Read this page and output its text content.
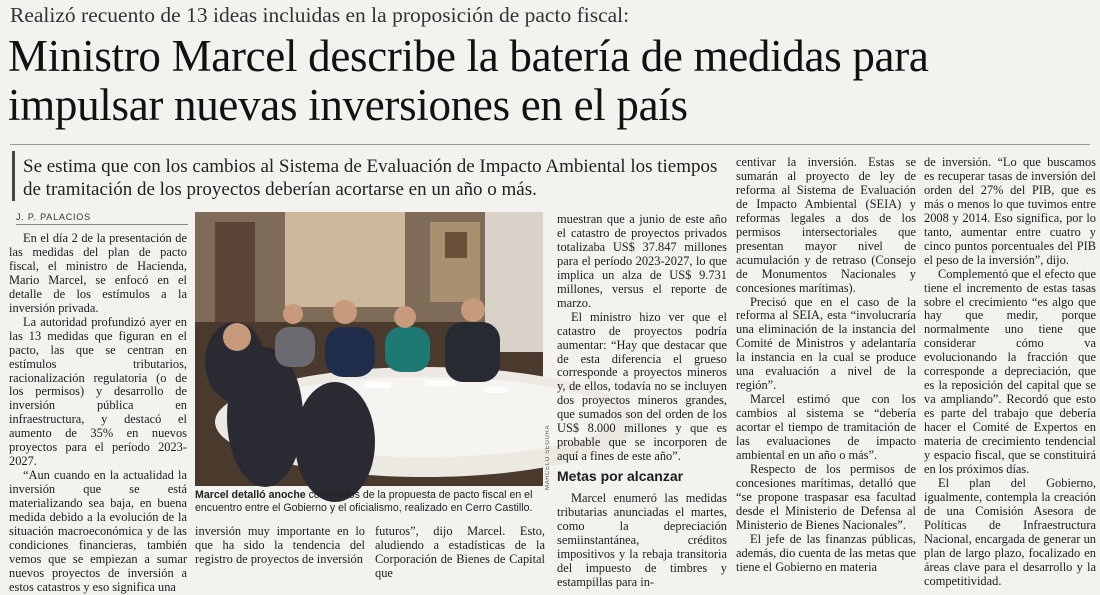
Realizó recuento de 13 ideas incluidas en la proposición de pacto fiscal:
Ministro Marcel describe la batería de medidas para impulsar nuevas inversiones en el país
Se estima que con los cambios al Sistema de Evaluación de Impacto Ambiental los tiempos de tramitación de los proyectos deberían acortarse en un año o más.
J. P. PALACIOS

En el día 2 de la presentación de las medidas del plan de pacto fiscal, el ministro de Hacienda, Mario Marcel, se enfocó en el detalle de los estímulos a la inversión privada.

La autoridad profundizó ayer en las 13 medidas que figuran en el pacto, las que se centran en estímulos tributarios, racionalización regulatoria (o de los permisos) y desarrollo de inversión pública en infraestructura, y destacó el aumento de 35% en nuevos proyectos para el período 2023-2027.

“Aun cuando en la actualidad la inversión que se está materializando sea baja, en buena medida debido a la evolución de la situación macroeconómica y de las condiciones financieras, también vemos que se empiezan a sumar nuevos proyectos de inversión a estos catastros y eso significa una

MARCELO SEGURA
Marcel detalló anoche contenidos de la propuesta de pacto fiscal en el encuentro entre el Gobierno y el oficialismo, realizado en Cerro Castillo.

inversión muy importante en lo que ha sido la tendencia del registro de proyectos de inversión

futuros”, dijo Marcel. Esto, aludiendo a estadísticas de la Corporación de Bienes de Capital que

muestran que a junio de este año el catastro de proyectos privados totalizaba US$ 37.847 millones para el período 2023-2027, lo que implica un alza de US$ 9.731 millones, versus el reporte de marzo.

El ministro hizo ver que el catastro de proyectos podría aumentar: “Hay que destacar que de esta diferencia el grueso corresponde a proyectos mineros y, de ellos, todavía no se incluyen dos proyectos mineros grandes, que sumados son del orden de los US$ 8.000 millones y que es probable que se incorporen de aquí a fines de este año”.

Metas por alcanzar

Marcel enumeró las medidas tributarias anunciadas el martes, como la depreciación semiinstantánea, créditos impositivos y la rebaja transitoria del impuesto de timbres y estampillas para in-

centivar la inversión. Estas se sumarán al proyecto de ley de reforma al Sistema de Evaluación de Impacto Ambiental (SEIA) y reformas legales a dos de los permisos intersectoriales que presentan mayor nivel de acumulación y de retraso (Consejo de Monumentos Nacionales y concesiones marítimas).

Precisó que en el caso de la reforma al SEIA, esta “involucraría una eliminación de la instancia del Comité de Ministros y adelantaría la instancia en la cual se produce una evaluación a nivel de la región”.

Marcel estimó que con los cambios al sistema se “debería acortar el tiempo de tramitación de las evaluaciones de impacto ambiental en un año o más”.

Respecto de los permisos de concesiones marítimas, detalló que “se propone traspasar esa facultad desde el Ministerio de Defensa al Ministerio de Bienes Nacionales”.

El jefe de las finanzas públicas, además, dio cuenta de las metas que tiene el Gobierno en materia

de inversión. “Lo que buscamos es recuperar tasas de inversión del orden del 27% del PIB, que es más o menos lo que tuvimos entre 2008 y 2014. Eso significa, por lo tanto, aumentar entre cuatro y cinco puntos porcentuales del PIB el peso de la inversión”, dijo.

Complementó que el efecto que tiene el incremento de estas tasas sobre el crecimiento “es algo que hay que medir, porque normalmente uno tiene que considerar cómo va evolucionando la fracción que corresponde a depreciación, que es la reposición del capital que se va ampliando”. Recordó que esto es parte del trabajo que debería hacer el Comité de Expertos en materia de crecimiento tendencial y espacio fiscal, que se constituirá en los próximos días.

El plan del Gobierno, igualmente, contempla la creación de una Comisión Asesora de Políticas de Infraestructura Nacional, encargada de generar un plan de largo plazo, focalizado en áreas clave para el desarrollo y la competitividad.
